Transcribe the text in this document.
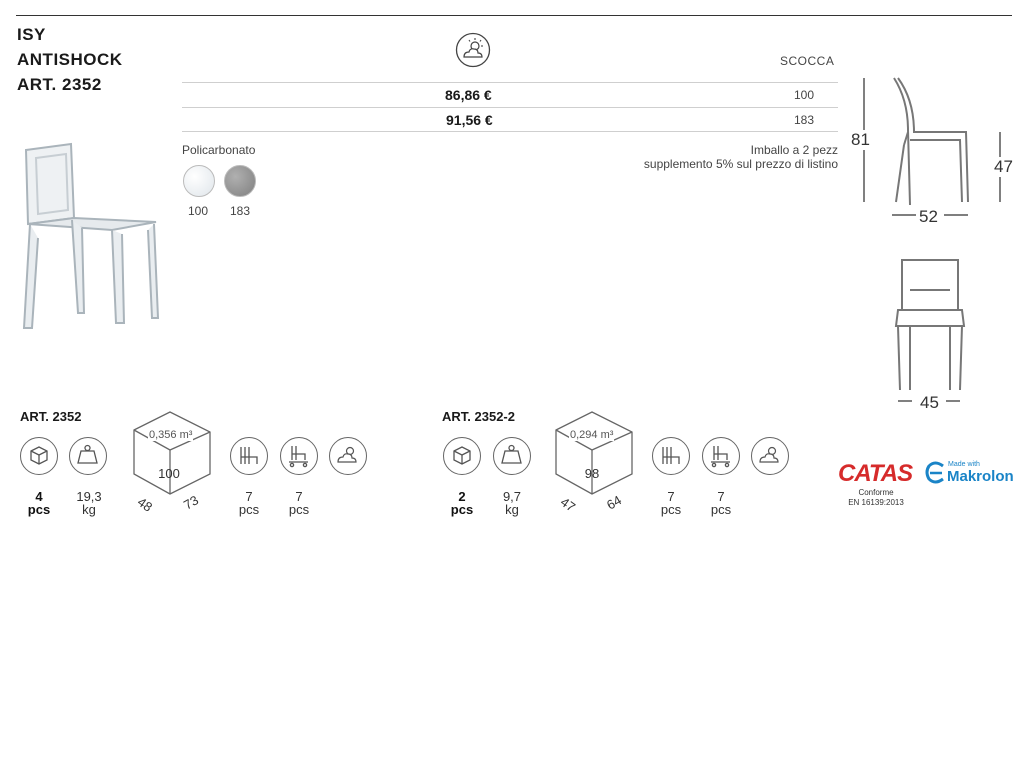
ISY
ANTISHOCK
ART. 2352
SCOCCA
86,86 €	100
91,56 €	183
Policarbonato
100 183
Imballo a 2 pezz
supplemento 5% sul prezzo di listino
81
47
52
45
ART. 2352
4
pcs
19,3
kg
0,356 m³
100
48 73	7
pcs
7
pcs
ART. 2352-2
2
pcs
9,7
kg
0,294 m³
98
47 64	7
pcs
7
pcs
CATAS
Conforme
EN 16139:2013
Made with
Makrolon
